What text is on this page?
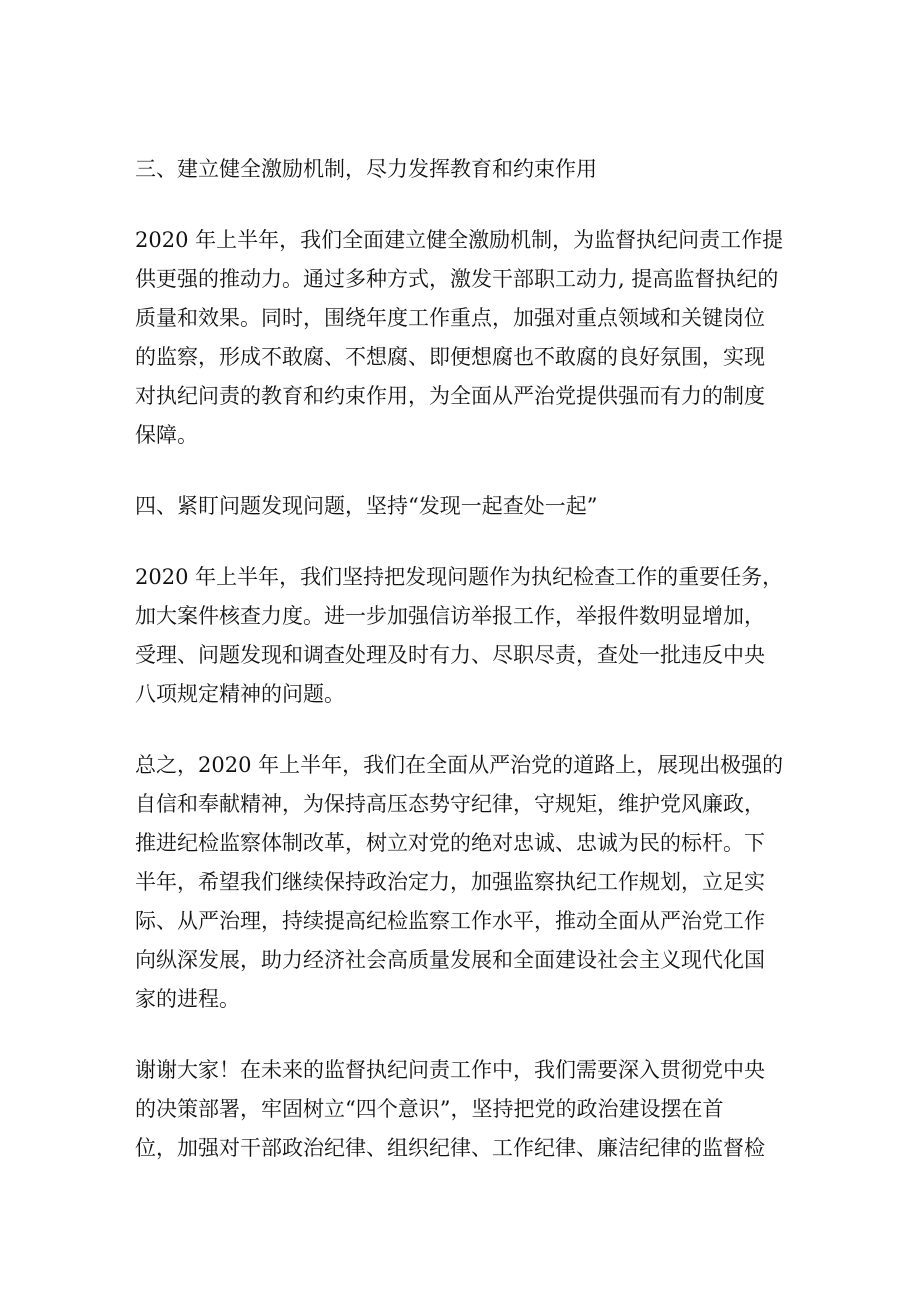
三、建立健全激励机制，尽力发挥教育和约束作用
2020 年上半年，我们全面建立健全激励机制，为监督执纪问责工作提
供更强的推动力。通过多种方式，激发干部职工动力, 提高监督执纪的
质量和效果。同时，围绕年度工作重点，加强对重点领域和关键岗位
的监察，形成不敢腐、不想腐、即便想腐也不敢腐的良好氛围，实现
对执纪问责的教育和约束作用，为全面从严治党提供强而有力的制度
保障。
四、紧盯问题发现问题，坚持“发现一起查处一起”
2020 年上半年，我们坚持把发现问题作为执纪检查工作的重要任务，
加大案件核查力度。进一步加强信访举报工作，举报件数明显增加，
受理、问题发现和调查处理及时有力、尽职尽责，查处一批违反中央
八项规定精神的问题。
总之，2020 年上半年，我们在全面从严治党的道路上，展现出极强的
自信和奉献精神，为保持高压态势守纪律，守规矩，维护党风廉政，
推进纪检监察体制改革，树立对党的绝对忠诚、忠诚为民的标杆。下
半年，希望我们继续保持政治定力，加强监察执纪工作规划，立足实
际、从严治理，持续提高纪检监察工作水平，推动全面从严治党工作
向纵深发展，助力经济社会高质量发展和全面建设社会主义现代化国
家的进程。
谢谢大家！在未来的监督执纪问责工作中，我们需要深入贯彻党中央
的决策部署，牢固树立“四个意识”，坚持把党的政治建设摆在首
位，加强对干部政治纪律、组织纪律、工作纪律、廉洁纪律的监督检
